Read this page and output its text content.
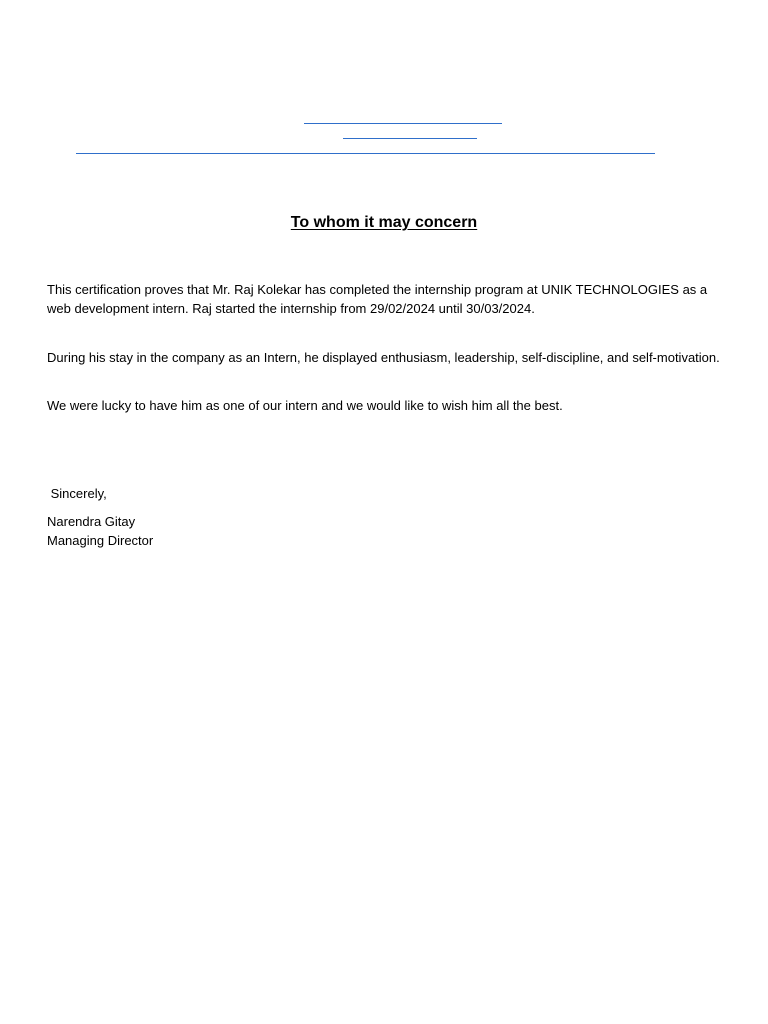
To whom it may concern

This certification proves that Mr. Raj Kolekar has completed the internship program at UNIK TECHNOLOGIES as a web development intern. Raj started the internship from 29/02/2024 until 30/03/2024.

During his stay in the company as an Intern, he displayed enthusiasm, leadership, self-discipline, and self-motivation.

We were lucky to have him as one of our intern and we would like to wish him all the best.

Sincerely,
Narendra Gitay
Managing Director
